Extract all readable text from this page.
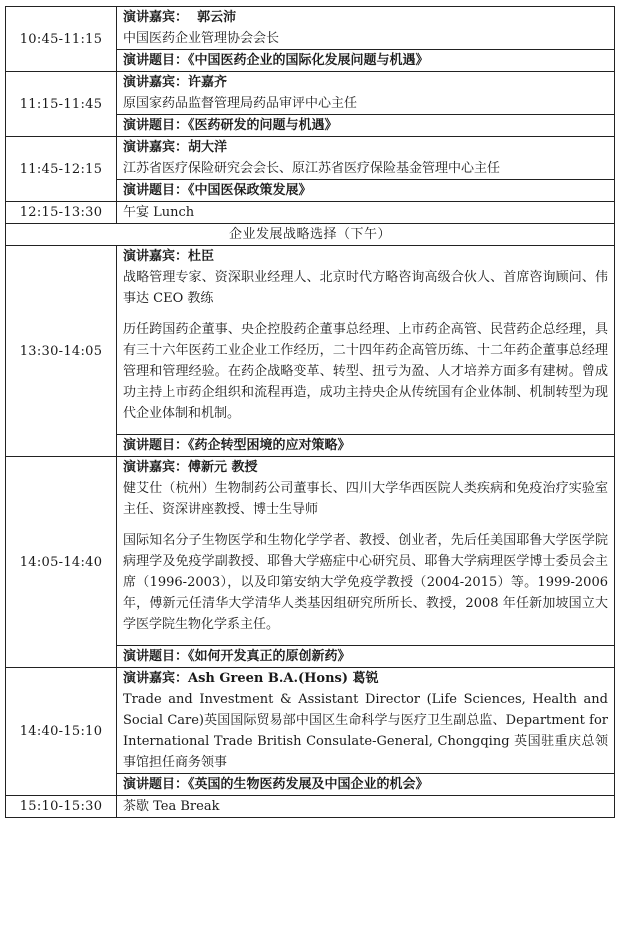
10:45-11:15	演讲嘉宾： 郭云沛
中国医药企业管理协会会长

	演讲题目：《中国医药企业的国际化发展问题与机遇》
11:15-11:45	演讲嘉宾：许嘉齐
原国家药品监督管理局药品审评中心主任

	演讲题目：《医药研发的问题与机遇》
11:45-12:15	演讲嘉宾：胡大洋
江苏省医疗保险研究会会长、原江苏省医疗保险基金管理中心主任

	演讲题目：《中国医保政策发展》
12:15-13:30	午宴 Lunch
企业发展战略选择（下午）	
13:30-14:05	演讲嘉宾：杜臣
战略管理专家、资深职业经理人、北京时代方略咨询高级合伙人、首席咨询顾问、伟事达 CEO 教练
历任跨国药企董事、央企控股药企董事总经理、上市药企高管、民营药企总经理，具有三十六年医药工业企业工作经历，二十四年药企高管历练、十二年药企董事总经理管理和管理经验。在药企战略变革、转型、扭亏为盈、人才培养方面多有建树。曾成功主持上市药企组织和流程再造，成功主持央企从传统国有企业体制、机制转型为现代企业体制和机制。

	演讲题目：《药企转型困境的应对策略》
14:05-14:40	演讲嘉宾：傅新元 教授
健艾仕（杭州）生物制药公司董事长、四川大学华西医院人类疾病和免疫治疗实验室主任、资深讲座教授、博士生导师
国际知名分子生物医学和生物化学学者、教授、创业者，先后任美国耶鲁大学医学院病理学及免疫学副教授、耶鲁大学癌症中心研究员、耶鲁大学病理医学博士委员会主席（1996-2003），以及印第安纳大学免疫学教授（2004-2015）等。1999-2006 年，傅新元任清华大学清华人类基因组研究所所长、教授，2008 年任新加坡国立大学医学院生物化学系主任。

	演讲题目：《如何开发真正的原创新药》
14:40-15:10	演讲嘉宾：Ash Green B.A.(Hons) 葛锐
Trade and Investment & Assistant Director (Life Sciences, Health and Social Care)英国国际贸易部中国区生命科学与医疗卫生副总监、Department for International Trade British Consulate-General, Chongqing 英国驻重庆总领事馆担任商务领事

	演讲题目：《英国的生物医药发展及中国企业的机会》
15:10-15:30	茶歇 Tea Break
